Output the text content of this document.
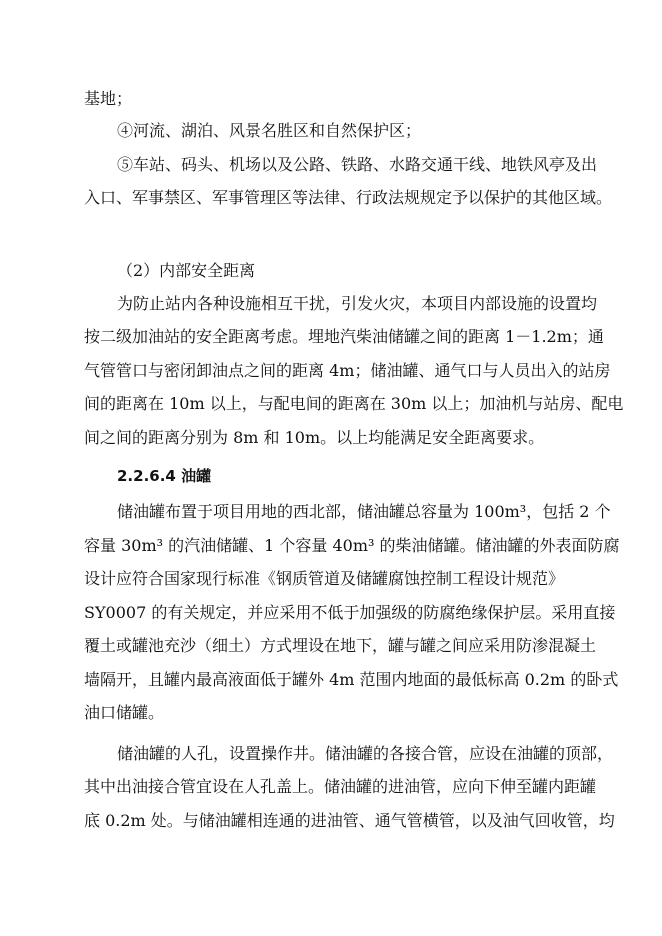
基地；
④河流、湖泊、风景名胜区和自然保护区；
⑤车站、码头、机场以及公路、铁路、水路交通干线、地铁风亭及出
入口、军事禁区、军事管理区等法律、行政法规规定予以保护的其他区域。
（2）内部安全距离
为防止站内各种设施相互干扰，引发火灾，本项目内部设施的设置均
按二级加油站的安全距离考虑。埋地汽柴油储罐之间的距离 1－1.2m；通
气管管口与密闭卸油点之间的距离 4m；储油罐、通气口与人员出入的站房
间的距离在 10m 以上，与配电间的距离在 30m 以上；加油机与站房、配电
间之间的距离分别为 8m 和 10m。以上均能满足安全距离要求。
2.2.6.4 油罐
储油罐布置于项目用地的西北部，储油罐总容量为 100m³，包括 2 个
容量 30m³ 的汽油储罐、1 个容量 40m³ 的柴油储罐。储油罐的外表面防腐
设计应符合国家现行标准《钢质管道及储罐腐蚀控制工程设计规范》
SY0007 的有关规定，并应采用不低于加强级的防腐绝缘保护层。采用直接
覆土或罐池充沙（细土）方式埋设在地下，罐与罐之间应采用防渗混凝土
墙隔开，且罐内最高液面低于罐外 4m 范围内地面的最低标高 0.2m 的卧式
油口储罐。
储油罐的人孔，设置操作井。储油罐的各接合管，应设在油罐的顶部，
其中出油接合管宜设在人孔盖上。储油罐的进油管，应向下伸至罐内距罐
底 0.2m 处。与储油罐相连通的进油管、通气管横管，以及油气回收管，均
